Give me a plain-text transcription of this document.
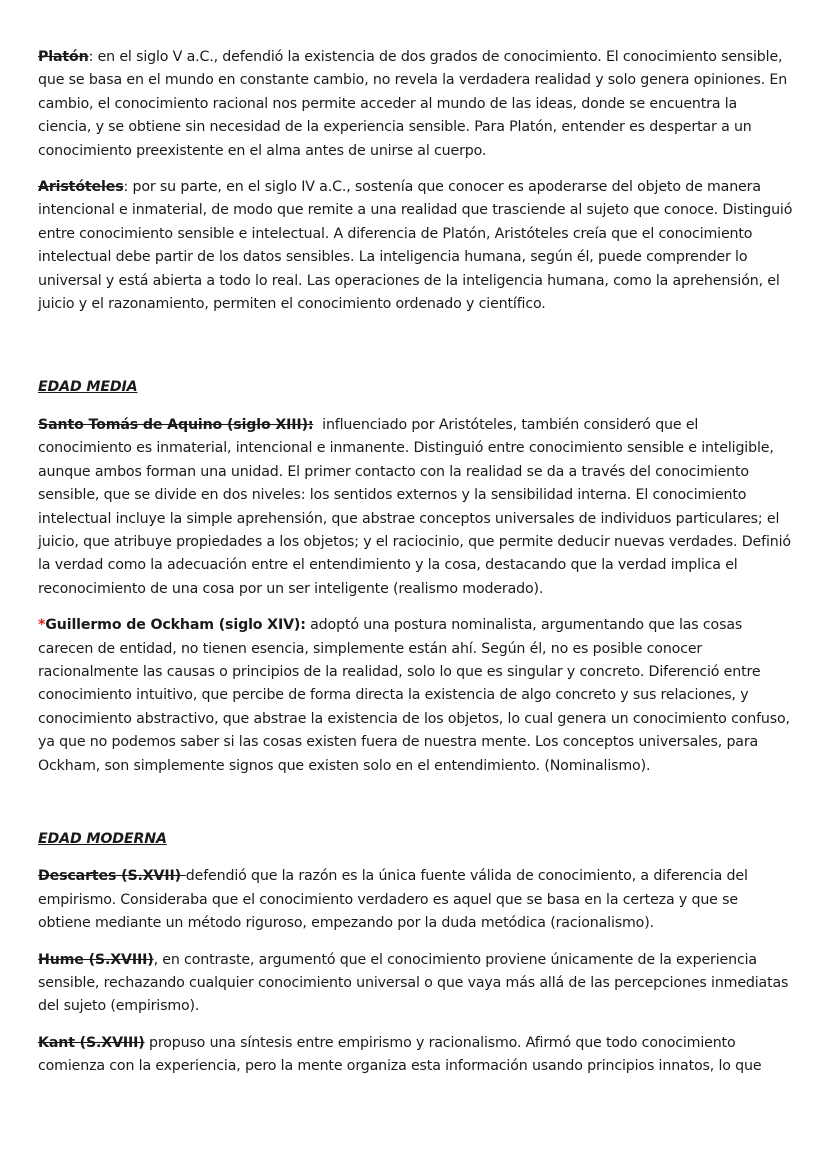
Platón: en el siglo V a.C., defendió la existencia de dos grados de conocimiento. El conocimiento sensible, que se basa en el mundo en constante cambio, no revela la verdadera realidad y solo genera opiniones. En cambio, el conocimiento racional nos permite acceder al mundo de las ideas, donde se encuentra la ciencia, y se obtiene sin necesidad de la experiencia sensible. Para Platón, entender es despertar a un conocimiento preexistente en el alma antes de unirse al cuerpo.

Aristóteles: por su parte, en el siglo IV a.C., sostenía que conocer es apoderarse del objeto de manera intencional e inmaterial, de modo que remite a una realidad que trasciende al sujeto que conoce. Distinguió entre conocimiento sensible e intelectual. A diferencia de Platón, Aristóteles creía que el conocimiento intelectual debe partir de los datos sensibles. La inteligencia humana, según él, puede comprender lo universal y está abierta a todo lo real. Las operaciones de la inteligencia humana, como la aprehensión, el juicio y el razonamiento, permiten el conocimiento ordenado y científico.

EDAD MEDIA

Santo Tomás de Aquino (siglo XIII):  influenciado por Aristóteles, también consideró que el conocimiento es inmaterial, intencional e inmanente. Distinguió entre conocimiento sensible e inteligible, aunque ambos forman una unidad. El primer contacto con la realidad se da a través del conocimiento sensible, que se divide en dos niveles: los sentidos externos y la sensibilidad interna. El conocimiento intelectual incluye la simple aprehensión, que abstrae conceptos universales de individuos particulares; el juicio, que atribuye propiedades a los objetos; y el raciocinio, que permite deducir nuevas verdades. Definió la verdad como la adecuación entre el entendimiento y la cosa, destacando que la verdad implica el reconocimiento de una cosa por un ser inteligente (realismo moderado).

*Guillermo de Ockham (siglo XIV): adoptó una postura nominalista, argumentando que las cosas carecen de entidad, no tienen esencia, simplemente están ahí. Según él, no es posible conocer racionalmente las causas o principios de la realidad, solo lo que es singular y concreto. Diferenció entre conocimiento intuitivo, que percibe de forma directa la existencia de algo concreto y sus relaciones, y conocimiento abstractivo, que abstrae la existencia de los objetos, lo cual genera un conocimiento confuso, ya que no podemos saber si las cosas existen fuera de nuestra mente. Los conceptos universales, para Ockham, son simplemente signos que existen solo en el entendimiento. (Nominalismo).

EDAD MODERNA

Descartes (S.XVII) defendió que la razón es la única fuente válida de conocimiento, a diferencia del empirismo. Consideraba que el conocimiento verdadero es aquel que se basa en la certeza y que se obtiene mediante un método riguroso, empezando por la duda metódica (racionalismo).

Hume (S.XVIII), en contraste, argumentó que el conocimiento proviene únicamente de la experiencia sensible, rechazando cualquier conocimiento universal o que vaya más allá de las percepciones inmediatas del sujeto (empirismo).

Kant (S.XVIII) propuso una síntesis entre empirismo y racionalismo. Afirmó que todo conocimiento comienza con la experiencia, pero la mente organiza esta información usando principios innatos, lo que
